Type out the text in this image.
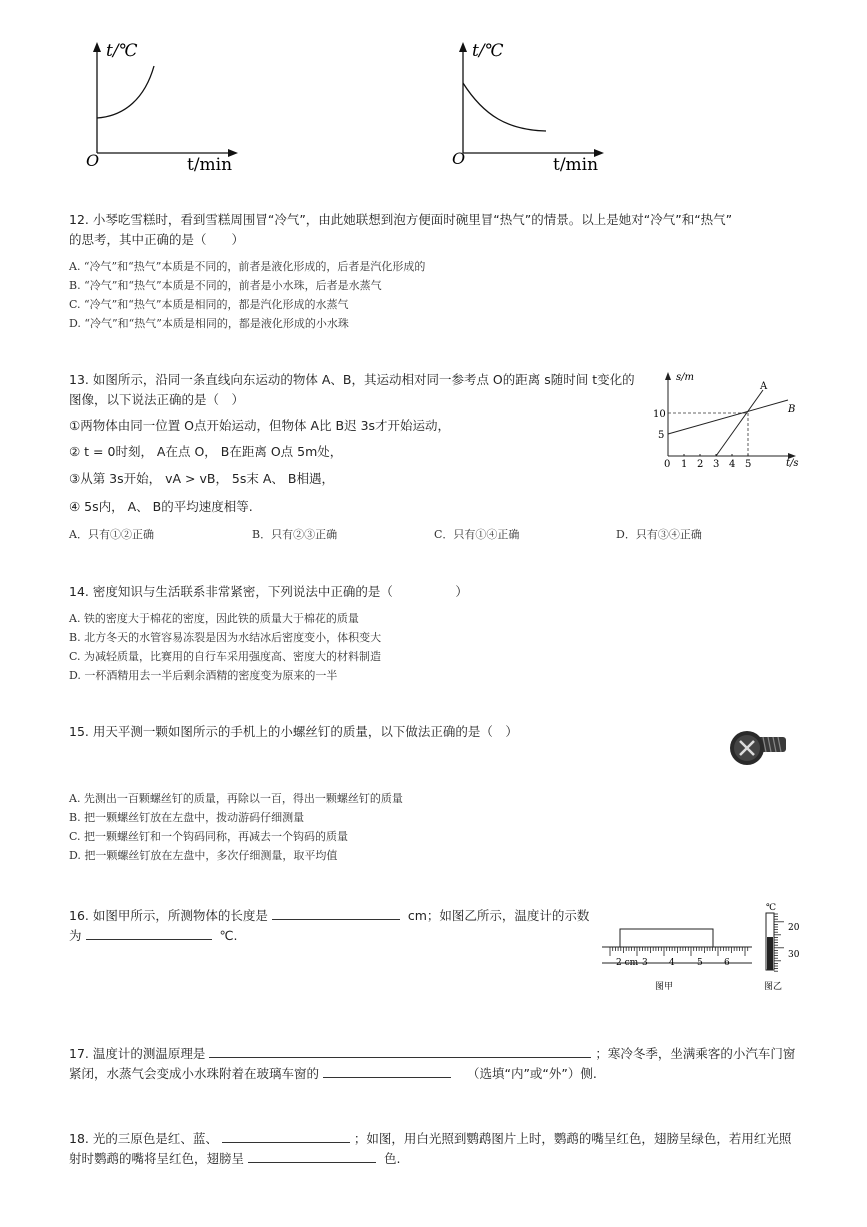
t/℃
O	t/min
t/℃
O	t/min
12. 小琴吃雪糕时，看到雪糕周围冒“冷气”，由此她联想到泡方便面时碗里冒“热气”的情景。以上是她对“冷气”和“热气”
的思考，其中正确的是（　　）
A. “冷气”和“热气”本质是不同的，前者是液化形成的，后者是汽化形成的
B. “冷气”和“热气”本质是不同的，前者是小水珠，后者是水蒸气
C. “冷气”和“热气”本质是相同的，都是汽化形成的水蒸气
D. “冷气”和“热气”本质是相同的，都是液化形成的小水珠
13. 如图所示，沿同一条直线向东运动的物体 A、B，其运动相对同一参考点 O的距离 s随时间 t变化的
图像，以下说法正确的是（　）
①两物体由同一位置 O点开始运动，但物体 A比 B迟 3s才开始运动，
② t = 0时刻， A在点 O， B在距离 O点 5m处，
③从第 3s开始， vA > vB， 5s末 A、 B相遇，
④ 5s内， A、 B的平均速度相等.
A．只有①②正确	B．只有②③正确	C．只有①④正确	D．只有③④正确
s/m
t/s
10
5
0 1 2 3 4 5
A
B
14. 密度知识与生活联系非常紧密，下列说法中正确的是（　　　　　）
A. 铁的密度大于棉花的密度，因此铁的质量大于棉花的质量
B. 北方冬天的水管容易冻裂是因为水结冰后密度变小，体积变大
C. 为减轻质量，比赛用的自行车采用强度高、密度大的材料制造
D. 一杯酒精用去一半后剩余酒精的密度变为原来的一半
15. 用天平测一颗如图所示的手机上的小螺丝钉的质量，以下做法正确的是（　）
A. 先测出一百颗螺丝钉的质量，再除以一百，得出一颗螺丝钉的质量
B. 把一颗螺丝钉放在左盘中，拨动游码仔细测量
C. 把一颗螺丝钉和一个钩码同称，再减去一个钩码的质量
D. 把一颗螺丝钉放在左盘中，多次仔细测量，取平均值
16. 如图甲所示，所测物体的长度是	cm；如图乙所示，温度计的示数
为	℃.
2 cm 3 4 5 6
图甲
℃
20
30
图乙
17. 温度计的测温原理是	；寒冷冬季，坐满乘客的小汽车门窗
紧闭，水蒸气会变成小水珠附着在玻璃车窗的	（选填“内”或“外”）侧.
18. 光的三原色是红、蓝、	；如图，用白光照到鹦鹉图片上时，鹦鹉的嘴呈红色，翅膀呈绿色，若用红光照
射时鹦鹉的嘴将呈红色，翅膀呈	色.
